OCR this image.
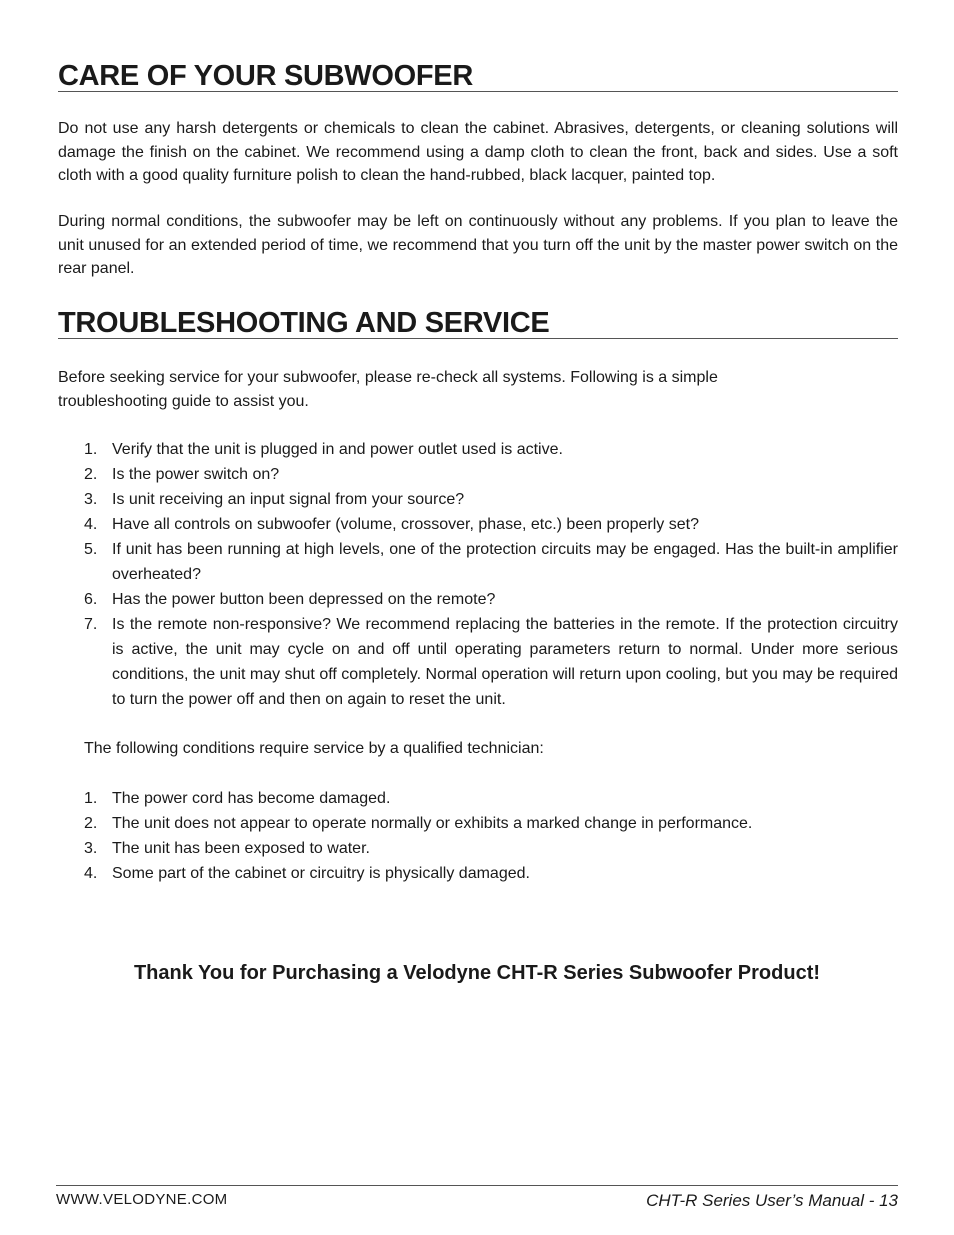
CARE OF YOUR SUBWOOFER

Do not use any harsh detergents or chemicals to clean the cabinet. Abrasives, detergents, or cleaning solutions will damage the finish on the cabinet. We recommend using a damp cloth to clean the front, back and sides. Use a soft cloth with a good quality furniture polish to clean the hand-rubbed, black lacquer, painted top.

During normal conditions, the subwoofer may be left on continuously without any problems. If you plan to leave the unit unused for an extended period of time, we recommend that you turn off the unit by the master power switch on the rear panel.

TROUBLESHOOTING AND SERVICE

Before seeking service for your subwoofer, please re-check all systems. Following is a simple troubleshooting guide to assist you.

1. Verify that the unit is plugged in and power outlet used is active.
2. Is the power switch on?
3. Is unit receiving an input signal from your source?
4. Have all controls on subwoofer (volume, crossover, phase, etc.) been properly set?
5. If unit has been running at high levels, one of the protection circuits may be engaged. Has the built-in amplifier overheated?
6. Has the power button been depressed on the remote?
7. Is the remote non-responsive? We recommend replacing the batteries in the remote. If the protection circuitry is active, the unit may cycle on and off until operating parameters return to normal. Under more serious conditions, the unit may shut off completely. Normal operation will return upon cooling, but you may be required to turn the power off and then on again to reset the unit.

The following conditions require service by a qualified technician:

1. The power cord has become damaged.
2. The unit does not appear to operate normally or exhibits a marked change in performance.
3. The unit has been exposed to water.
4. Some part of the cabinet or circuitry is physically damaged.

Thank You for Purchasing a Velodyne CHT-R Series Subwoofer Product!

WWW.VELODYNE.COM	CHT-R Series User’s Manual - 13
